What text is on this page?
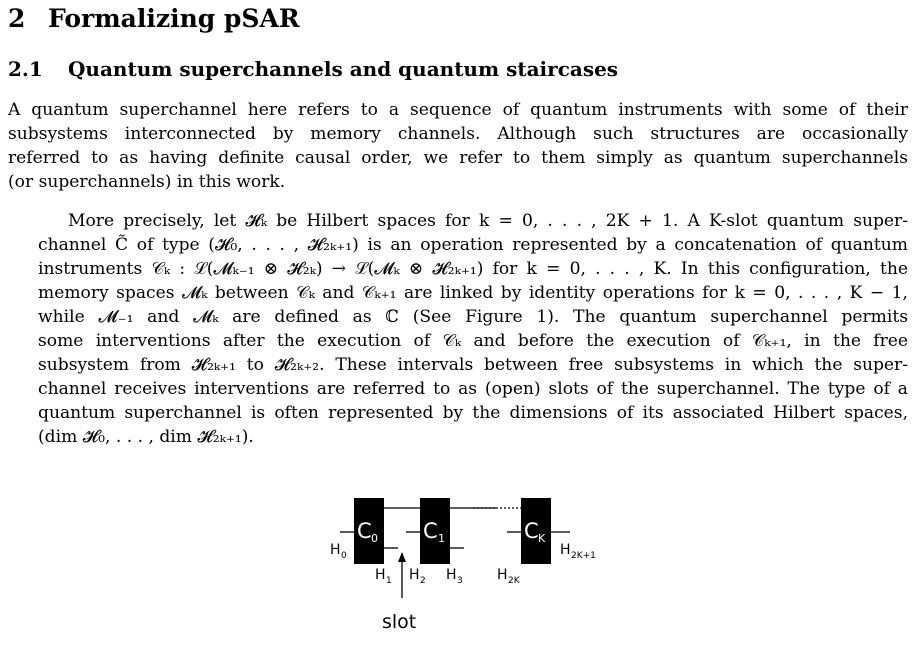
2 Formalizing pSAR
2.1 Quantum superchannels and quantum staircases
A quantum superchannel here refers to a sequence of quantum instruments with some of their
subsystems interconnected by memory channels. Although such structures are occasionally
referred to as having definite causal order, we refer to them simply as quantum superchannels
(or superchannels) in this work.
More precisely, let 𝓗ₖ be Hilbert spaces for k = 0, . . . , 2K + 1. A K-slot quantum super-
channel C̃ of type (𝓗₀, . . . , 𝓗₂ₖ₊₁) is an operation represented by a concatenation of quantum
instruments 𝒞ₖ : ℒ(𝓜ₖ₋₁ ⊗ 𝓗₂ₖ) → ℒ(𝓜ₖ ⊗ 𝓗₂ₖ₊₁) for k = 0, . . . , K. In this configuration, the
memory spaces 𝓜ₖ between 𝒞ₖ and 𝒞ₖ₊₁ are linked by identity operations for k = 0, . . . , K − 1,
while 𝓜₋₁ and 𝓜ₖ are defined as ℂ (See Figure 1). The quantum superchannel permits
some interventions after the execution of 𝒞ₖ and before the execution of 𝒞ₖ₊₁, in the free
subsystem from 𝓗₂ₖ₊₁ to 𝓗₂ₖ₊₂. These intervals between free subsystems in which the super-
channel receives interventions are referred to as (open) slots of the superchannel. The type of a
quantum superchannel is often represented by the dimensions of its associated Hilbert spaces,
(dim 𝓗₀, . . . , dim 𝓗₂ₖ₊₁).
C 0 C 1	C K
H 0
H 1 H 2 H 3 H 2K
H 2K+1
slot
